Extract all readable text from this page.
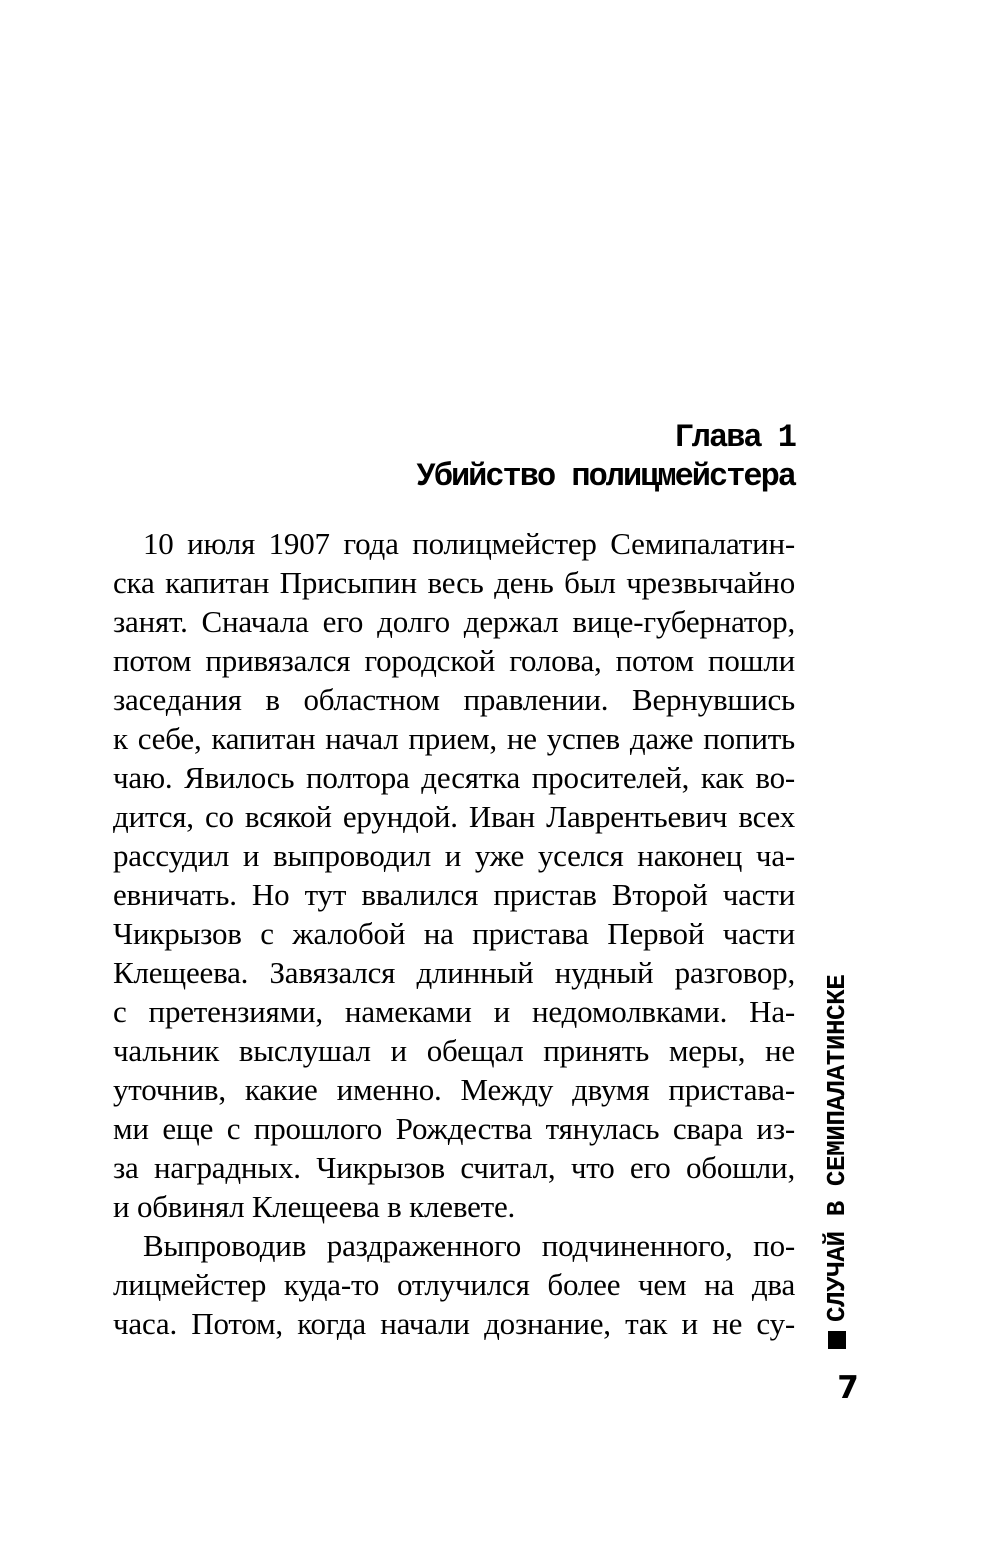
Глава 1
Убийство полицмейстера
10 июля 1907 года полицмейстер Семипалатин-
ска капитан Присыпин весь день был чрезвычайно
занят. Сначала его долго держал вице-губернатор,
потом привязался городской голова, потом пошли
заседания в областном правлении. Вернувшись
к себе, капитан начал прием, не успев даже попить
чаю. Явилось полтора десятка просителей, как во-
дится, со всякой ерундой. Иван Лаврентьевич всех
рассудил и выпроводил и уже уселся наконец ча-
евничать. Но тут ввалился пристав Второй части
Чикрызов с жалобой на пристава Первой части
Клещеева. Завязался длинный нудный разговор,
с претензиями, намеками и недомолвками. На-
чальник выслушал и обещал принять меры, не
уточнив, какие именно. Между двумя пристава-
ми еще с прошлого Рождества тянулась свара из-
за наградных. Чикрызов считал, что его обошли,
и обвинял Клещеева в клевете.
Выпроводив раздраженного подчиненного, по-
лицмейстер куда-то отлучился более чем на два
часа. Потом, когда начали дознание, так и не су-
СЛУЧАЙ В СЕМИПАЛАТИНСКЕ
7
